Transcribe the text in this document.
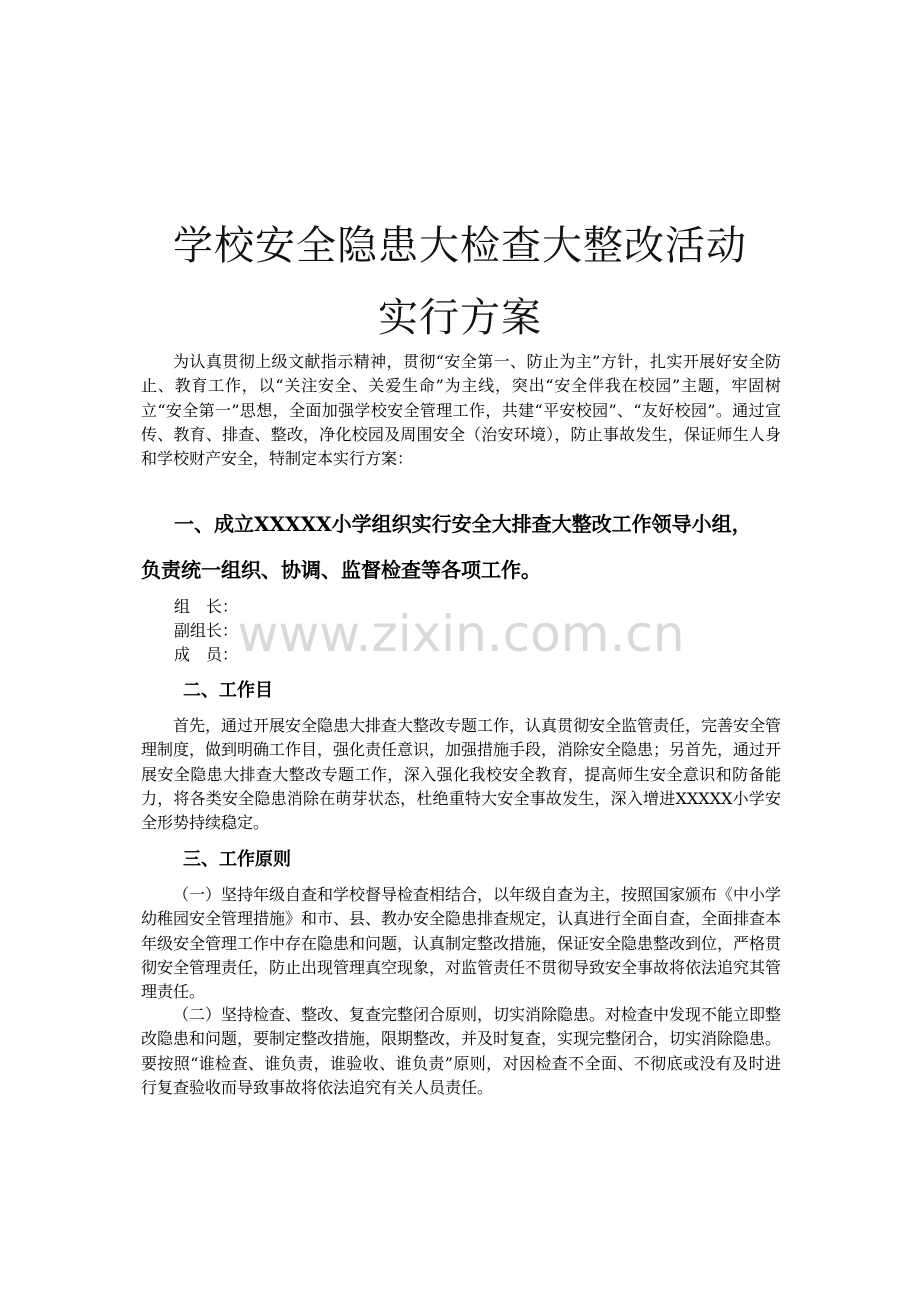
学校安全隐患大检查大整改活动
实行方案

为认真贯彻上级文献指示精神，贯彻“安全第一、防止为主”方针，扎实开展好安全防止、教育工作，以“关注安全、关爱生命”为主线，突出“安全伴我在校园”主题，牢固树立“安全第一”思想，全面加强学校安全管理工作，共建“平安校园”、“友好校园”。通过宣传、教育、排查、整改，净化校园及周围安全（治安环境），防止事故发生，保证师生人身和学校财产安全，特制定本实行方案：

一、成立XXXXX小学组织实行安全大排查大整改工作领导小组，

负责统一组织、协调、监督检查等各项工作。

组　长：

副组长：

成　员：

二、工作目

首先，通过开展安全隐患大排查大整改专题工作，认真贯彻安全监管责任，完善安全管理制度，做到明确工作目，强化责任意识，加强措施手段，消除安全隐患；另首先，通过开展安全隐患大排查大整改专题工作，深入强化我校安全教育，提高师生安全意识和防备能力，将各类安全隐患消除在萌芽状态，杜绝重特大安全事故发生，深入增进XXXXX小学安全形势持续稳定。

三、工作原则

（一）坚持年级自查和学校督导检查相结合，以年级自查为主，按照国家颁布《中小学幼稚园安全管理措施》和市、县、教办安全隐患排查规定，认真进行全面自查，全面排查本年级安全管理工作中存在隐患和问题，认真制定整改措施，保证安全隐患整改到位，严格贯彻安全管理责任，防止出现管理真空现象，对监管责任不贯彻导致安全事故将依法追究其管理责任。

（二）坚持检查、整改、复查完整闭合原则，切实消除隐患。对检查中发现不能立即整改隐患和问题，要制定整改措施，限期整改，并及时复查，实现完整闭合，切实消除隐患。要按照“谁检查、谁负责，谁验收、谁负责”原则，对因检查不全面、不彻底或没有及时进行复查验收而导致事故将依法追究有关人员责任。

www.zixin.com.cn
